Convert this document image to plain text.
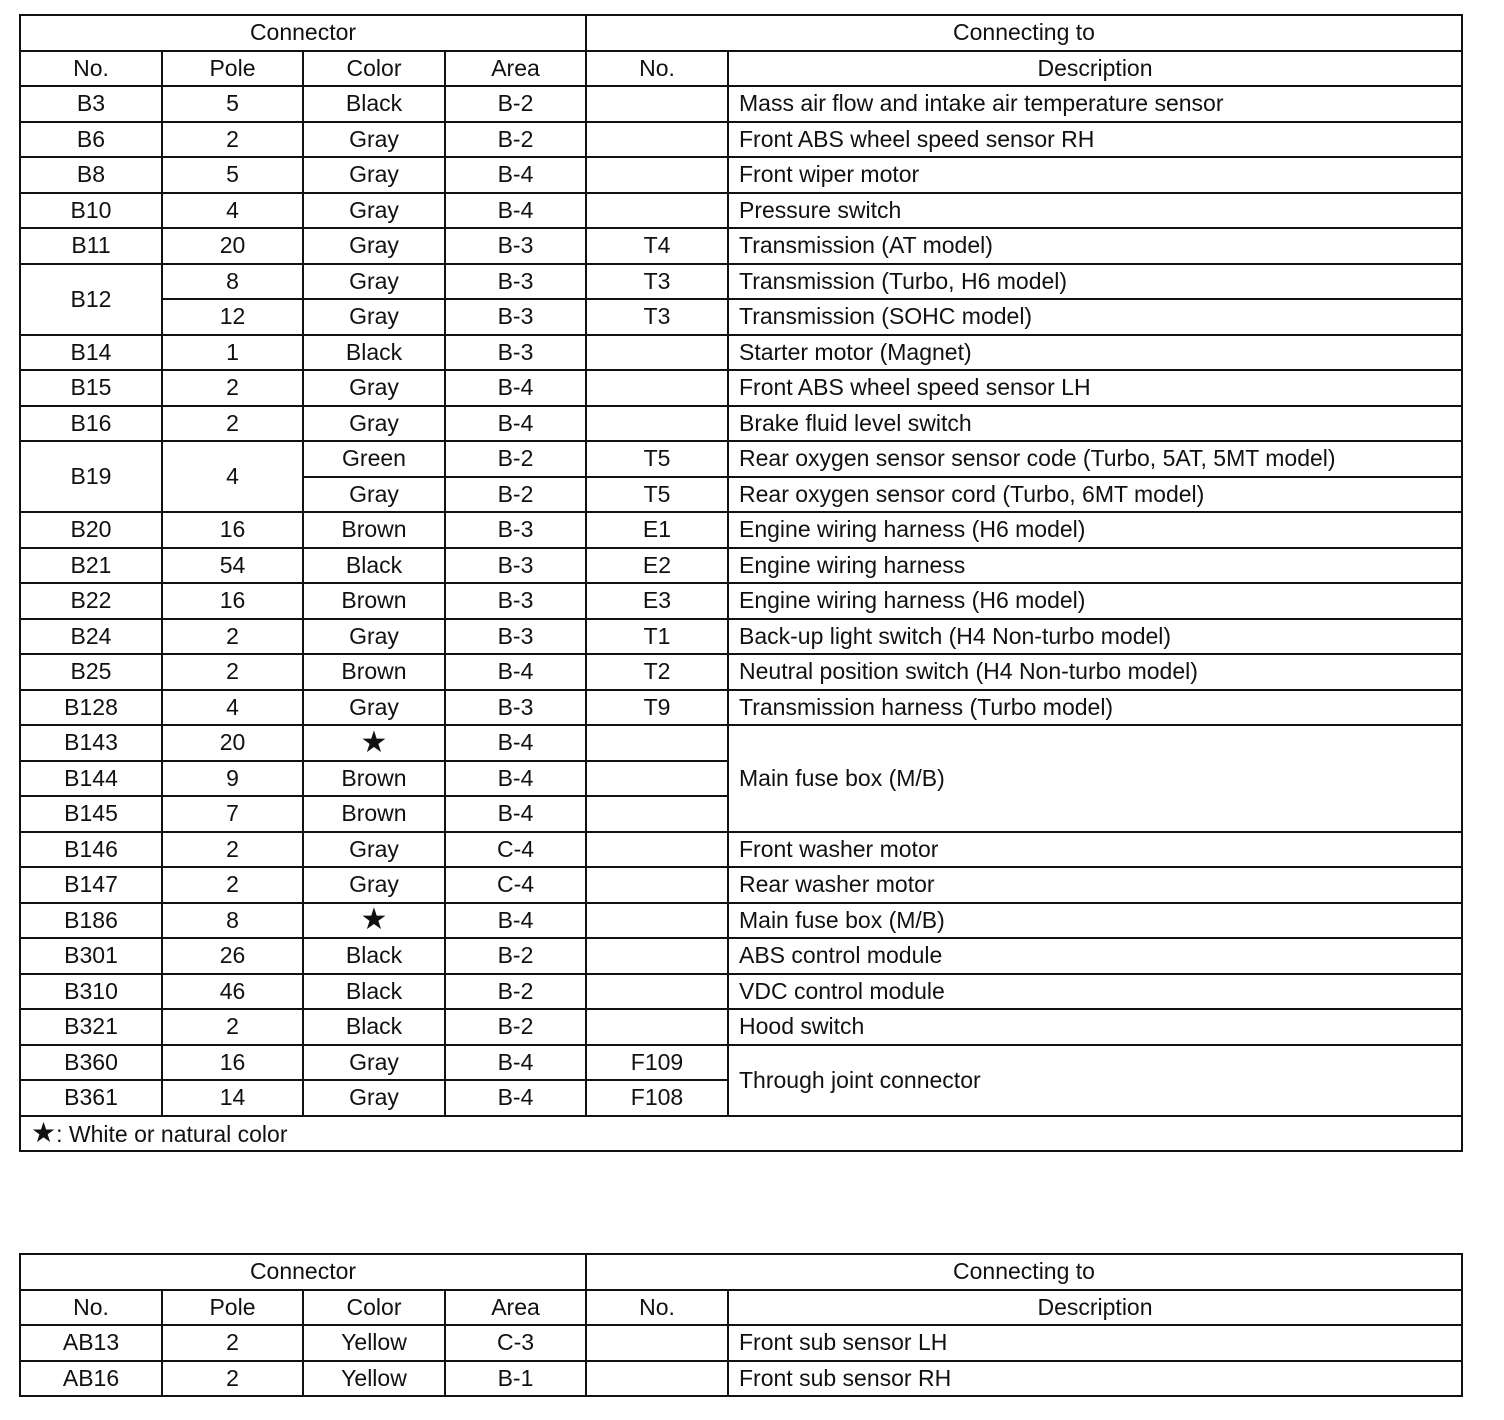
Connector				Connecting to	
No.	Pole	Color	Area	No.	Description
B3	5	Black	B-2		Mass air flow and intake air temperature sensor
B6	2	Gray	B-2		Front ABS wheel speed sensor RH
B8	5	Gray	B-4		Front wiper motor
B10	4	Gray	B-4		Pressure switch
B11	20	Gray	B-3	T4	Transmission (AT model)
B12	8	Gray	B-3	T3	Transmission (Turbo, H6 model)
	12	Gray	B-3	T3	Transmission (SOHC model)
B14	1	Black	B-3		Starter motor (Magnet)
B15	2	Gray	B-4		Front ABS wheel speed sensor LH
B16	2	Gray	B-4		Brake fluid level switch
B19	4	Green	B-2	T5	Rear oxygen sensor sensor code (Turbo, 5AT, 5MT model)
		Gray	B-2	T5	Rear oxygen sensor cord (Turbo, 6MT model)
B20	16	Brown	B-3	E1	Engine wiring harness (H6 model)
B21	54	Black	B-3	E2	Engine wiring harness
B22	16	Brown	B-3	E3	Engine wiring harness (H6 model)
B24	2	Gray	B-3	T1	Back-up light switch (H4 Non-turbo model)
B25	2	Brown	B-4	T2	Neutral position switch (H4 Non-turbo model)
B128	4	Gray	B-3	T9	Transmission harness (Turbo model)
B143	20	★	B-4		Main fuse box (M/B)
B144	9	Brown	B-4		
B145	7	Brown	B-4		
B146	2	Gray	C-4		Front washer motor
B147	2	Gray	C-4		Rear washer motor
B186	8	★	B-4		Main fuse box (M/B)
B301	26	Black	B-2		ABS control module
B310	46	Black	B-2		VDC control module
B321	2	Black	B-2		Hood switch
B360	16	Gray	B-4	F109	Through joint connector
B361	14	Gray	B-4	F108	
★: White or natural color					
Connector				Connecting to	
No.	Pole	Color	Area	No.	Description
AB13	2	Yellow	C-3		Front sub sensor LH
AB16	2	Yellow	B-1		Front sub sensor RH
